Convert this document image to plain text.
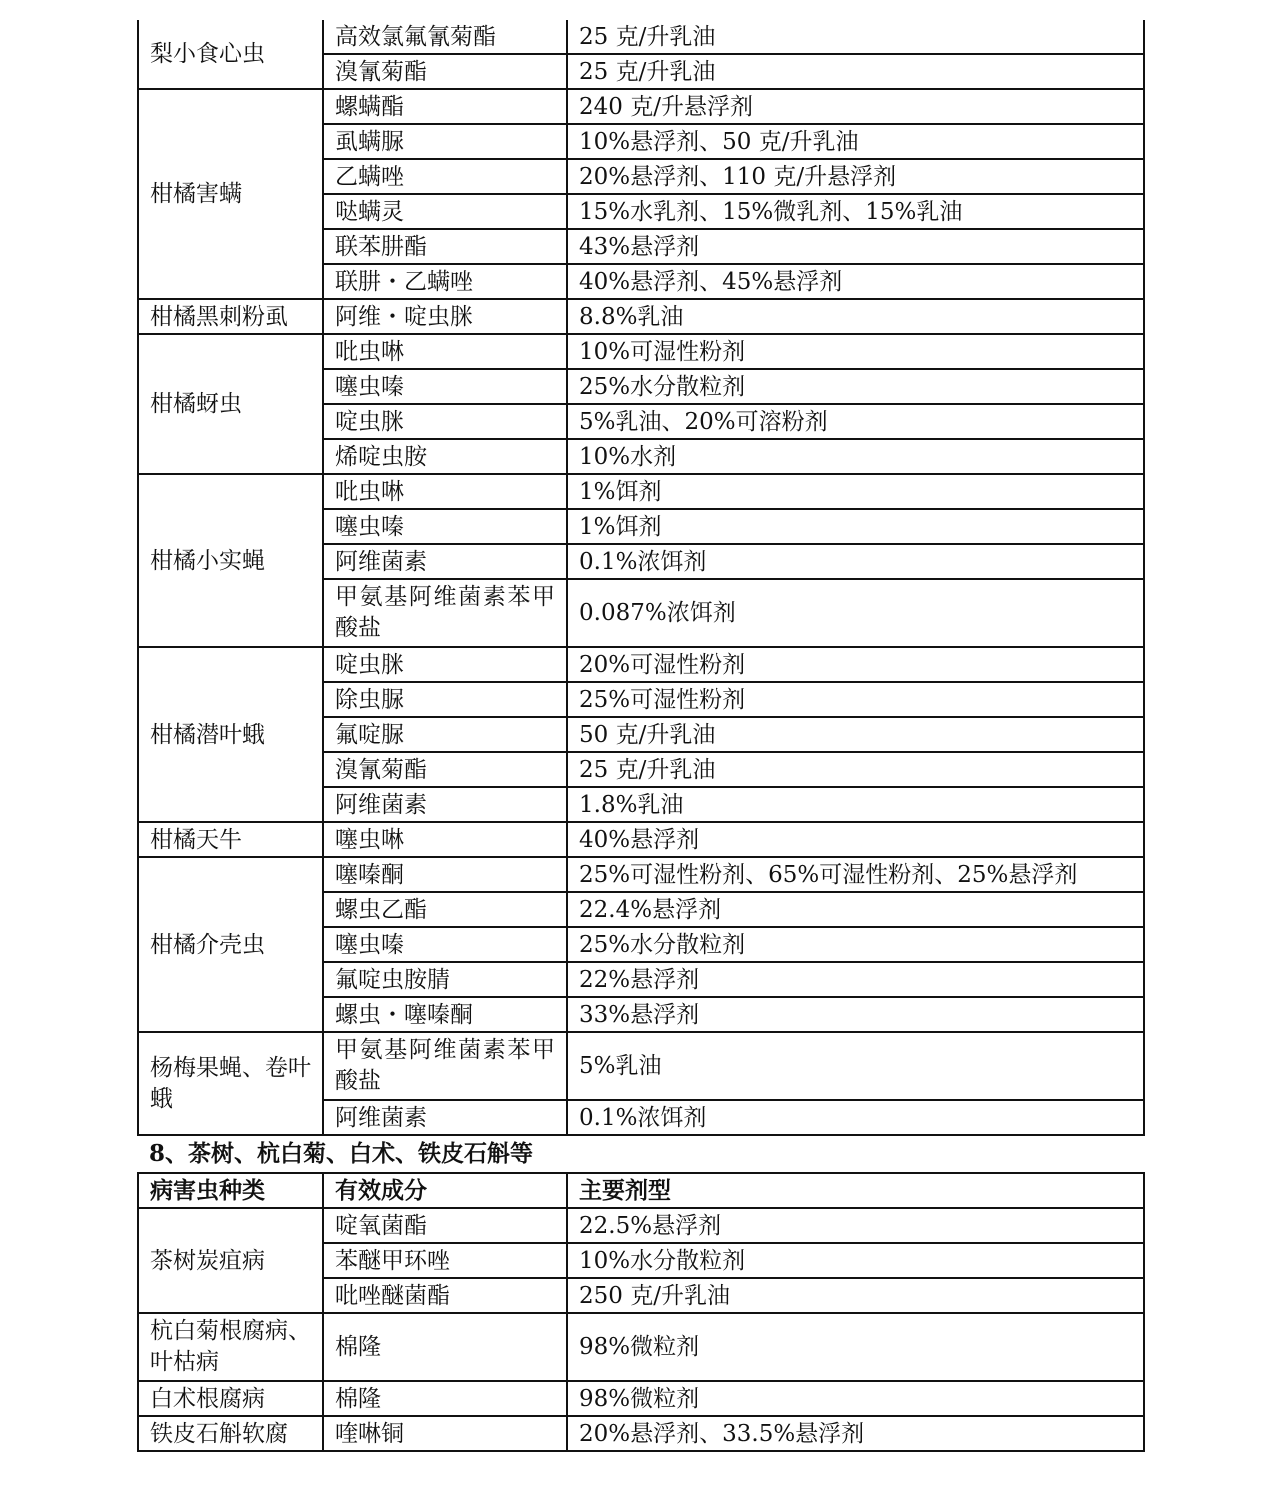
梨小食心虫	高效氯氟氰菊酯	25 克/升乳油
	溴氰菊酯	25 克/升乳油
柑橘害螨	螺螨酯	240 克/升悬浮剂
	虱螨脲	10%悬浮剂、50 克/升乳油
	乙螨唑	20%悬浮剂、110 克/升悬浮剂
	哒螨灵	15%水乳剂、15%微乳剂、15%乳油
	联苯肼酯	43%悬浮剂
	联肼・乙螨唑	40%悬浮剂、45%悬浮剂
柑橘黑刺粉虱	阿维・啶虫脒	8.8%乳油
柑橘蚜虫	吡虫啉	10%可湿性粉剂
	噻虫嗪	25%水分散粒剂
	啶虫脒	5%乳油、20%可溶粉剂
	烯啶虫胺	10%水剂
柑橘小实蝇	吡虫啉	1%饵剂
	噻虫嗪	1%饵剂
	阿维菌素	0.1%浓饵剂
	甲氨基阿维菌素苯甲酸盐	0.087%浓饵剂
柑橘潜叶蛾	啶虫脒	20%可湿性粉剂
	除虫脲	25%可湿性粉剂
	氟啶脲	50 克/升乳油
	溴氰菊酯	25 克/升乳油
	阿维菌素	1.8%乳油
柑橘天牛	噻虫啉	40%悬浮剂
柑橘介壳虫	噻嗪酮	25%可湿性粉剂、65%可湿性粉剂、25%悬浮剂
	螺虫乙酯	22.4%悬浮剂
	噻虫嗪	25%水分散粒剂
	氟啶虫胺腈	22%悬浮剂
	螺虫・噻嗪酮	33%悬浮剂
杨梅果蝇、卷叶蛾	甲氨基阿维菌素苯甲酸盐	5%乳油
	阿维菌素	0.1%浓饵剂
8、茶树、杭白菊、白术、铁皮石斛等
病害虫种类	有效成分	主要剂型
茶树炭疽病	啶氧菌酯	22.5%悬浮剂
	苯醚甲环唑	10%水分散粒剂
	吡唑醚菌酯	250 克/升乳油
杭白菊根腐病、叶枯病	棉隆	98%微粒剂
白术根腐病	棉隆	98%微粒剂
铁皮石斛软腐	喹啉铜	20%悬浮剂、33.5%悬浮剂
